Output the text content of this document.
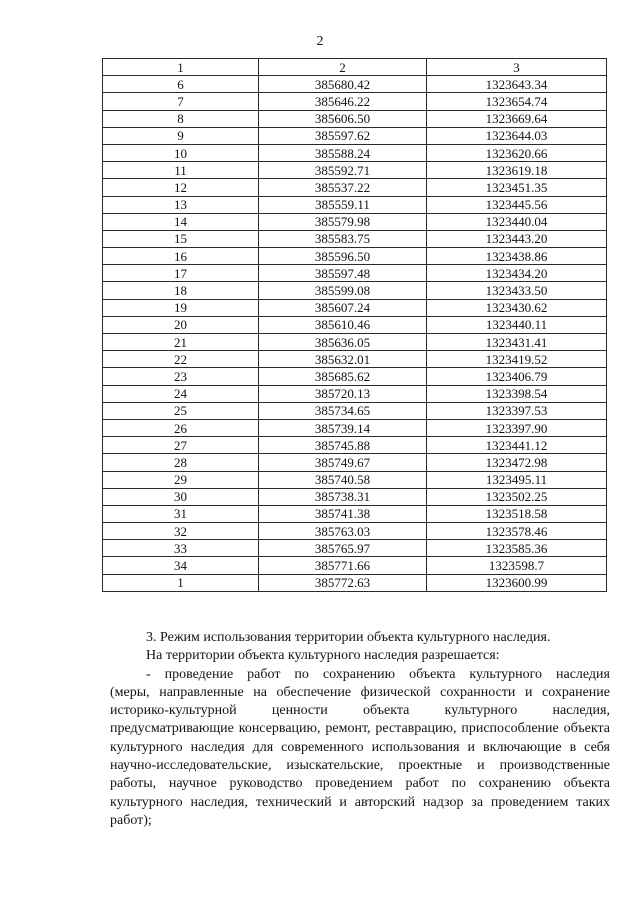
2
1	2	3
6	385680.42	1323643.34
7	385646.22	1323654.74
8	385606.50	1323669.64
9	385597.62	1323644.03
10	385588.24	1323620.66
11	385592.71	1323619.18
12	385537.22	1323451.35
13	385559.11	1323445.56
14	385579.98	1323440.04
15	385583.75	1323443.20
16	385596.50	1323438.86
17	385597.48	1323434.20
18	385599.08	1323433.50
19	385607.24	1323430.62
20	385610.46	1323440.11
21	385636.05	1323431.41
22	385632.01	1323419.52
23	385685.62	1323406.79
24	385720.13	1323398.54
25	385734.65	1323397.53
26	385739.14	1323397.90
27	385745.88	1323441.12
28	385749.67	1323472.98
29	385740.58	1323495.11
30	385738.31	1323502.25
31	385741.38	1323518.58
32	385763.03	1323578.46
33	385765.97	1323585.36
34	385771.66	1323598.7
1	385772.63	1323600.99

3. Режим использования территории объекта культурного наследия.

На территории объекта культурного наследия разрешается:

- проведение работ по сохранению объекта культурного наследия

(меры, направленные на обеспечение физической сохранности и сохранение историко-культурной ценности объекта культурного наследия, предусматривающие консервацию, ремонт, реставрацию, приспособление объекта культурного наследия для современного использования и включающие в себя научно-исследовательские, изыскательские, проектные и производственные работы, научное руководство проведением работ по сохранению объекта культурного наследия, технический и авторский надзор за проведением таких работ);
